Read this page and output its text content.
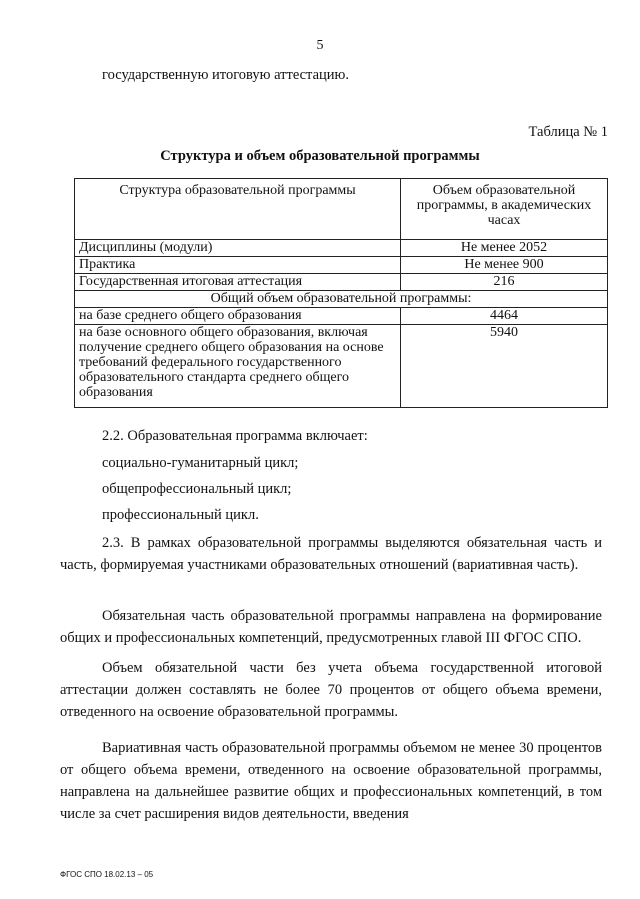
5
государственную итоговую аттестацию.
Таблица № 1
Структура и объем образовательной программы
Структура образовательной программы	Объем образовательной программы, в академических часах
Дисциплины (модули)	Не менее 2052
Практика	Не менее 900
Государственная итоговая аттестация	216
Общий объем образовательной программы:	
на базе среднего общего образования	4464
на базе основного общего образования, включая получение среднего общего образования на основе требований федерального государственного образовательного стандарта среднего общего образования	5940
2.2. Образовательная программа включает:
социально-гуманитарный цикл;
общепрофессиональный цикл;
профессиональный цикл.
2.3. В рамках образовательной программы выделяются обязательная часть и часть, формируемая участниками образовательных отношений (вариативная часть).
Обязательная часть образовательной программы направлена на формирование общих и профессиональных компетенций, предусмотренных главой III ФГОС СПО.
Объем обязательной части без учета объема государственной итоговой аттестации должен составлять не более 70 процентов от общего объема времени, отведенного на освоение образовательной программы.
Вариативная часть образовательной программы объемом не менее 30 процентов от общего объема времени, отведенного на освоение образовательной программы, направлена на дальнейшее развитие общих и профессиональных компетенций, в том числе за счет расширения видов деятельности, введения
ФГОС СПО 18.02.13 – 05
